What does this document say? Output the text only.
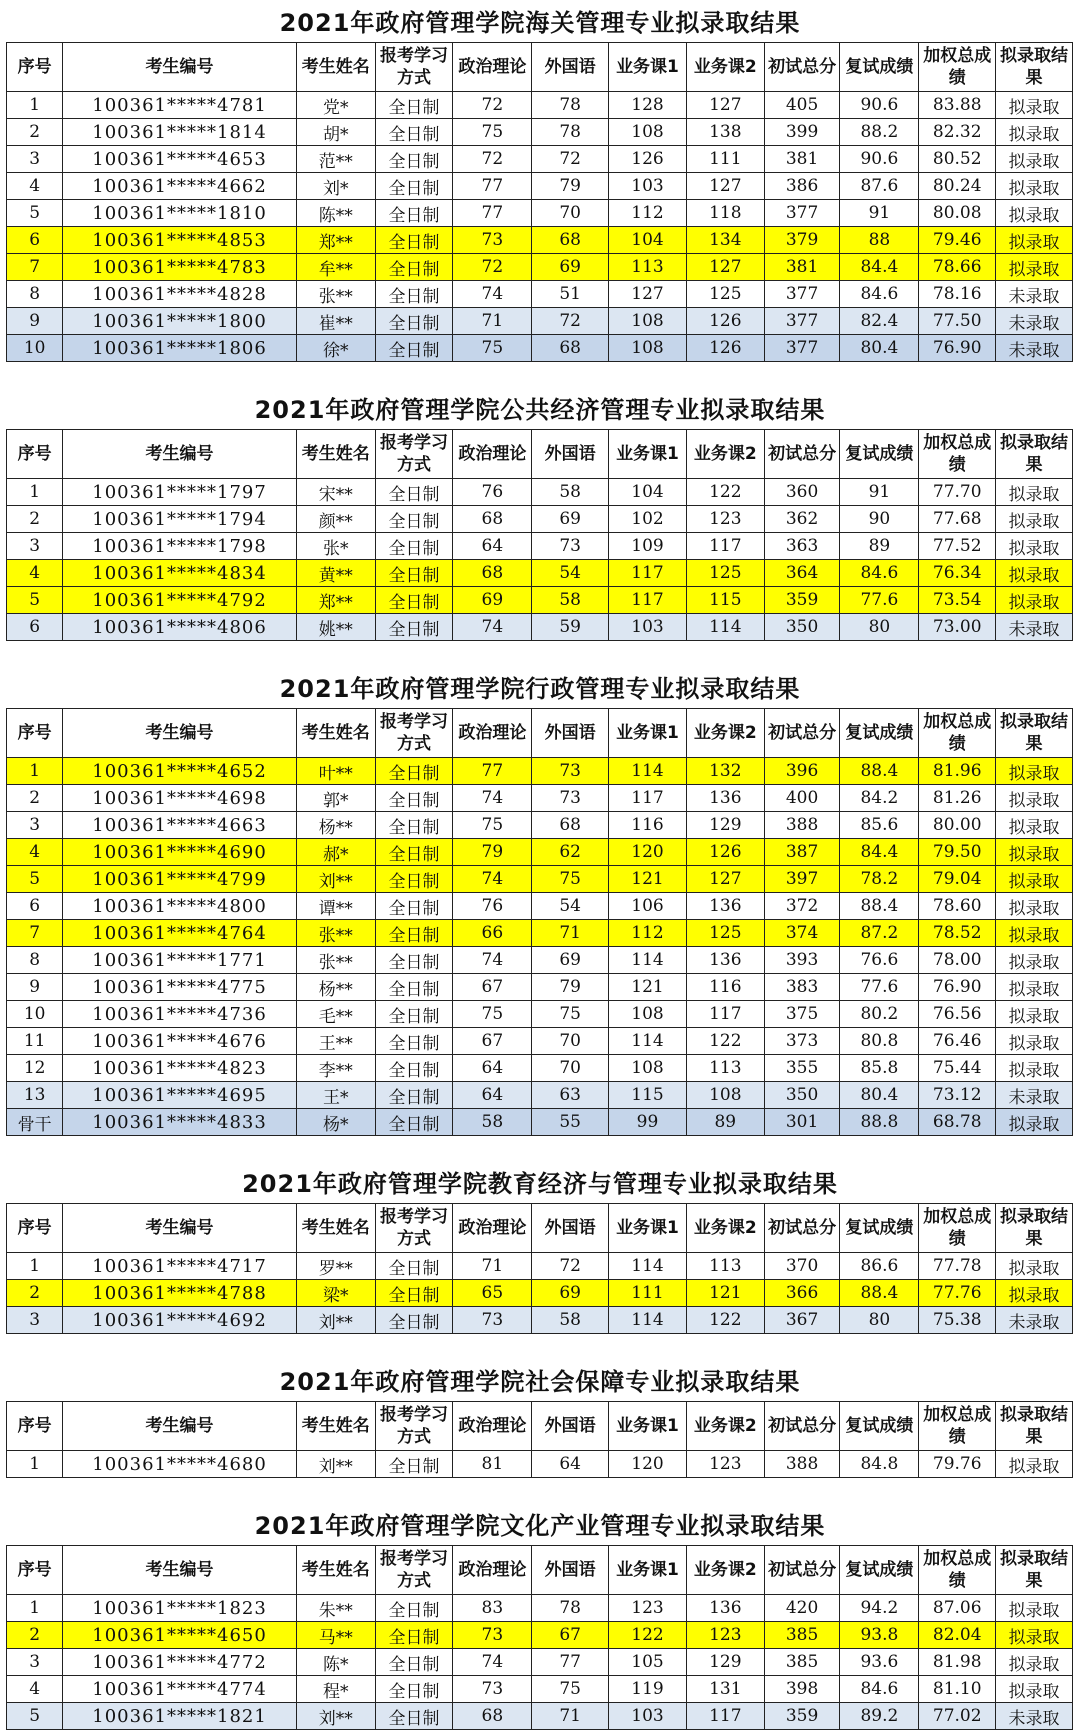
2021年政府管理学院海关管理专业拟录取结果
序号	考生编号	考生姓名	报考学习方式	政治理论	外国语	业务课1	业务课2	初试总分	复试成绩	加权总成绩	拟录取结果
1	100361*****4781	党*	全日制	72	78	128	127	405	90.6	83.88	拟录取
2	100361*****1814	胡*	全日制	75	78	108	138	399	88.2	82.32	拟录取
3	100361*****4653	范**	全日制	72	72	126	111	381	90.6	80.52	拟录取
4	100361*****4662	刘*	全日制	77	79	103	127	386	87.6	80.24	拟录取
5	100361*****1810	陈**	全日制	77	70	112	118	377	91	80.08	拟录取
6	100361*****4853	郑**	全日制	73	68	104	134	379	88	79.46	拟录取
7	100361*****4783	牟**	全日制	72	69	113	127	381	84.4	78.66	拟录取
8	100361*****4828	张**	全日制	74	51	127	125	377	84.6	78.16	未录取
9	100361*****1800	崔**	全日制	71	72	108	126	377	82.4	77.50	未录取
10	100361*****1806	徐*	全日制	75	68	108	126	377	80.4	76.90	未录取
2021年政府管理学院公共经济管理专业拟录取结果
序号	考生编号	考生姓名	报考学习方式	政治理论	外国语	业务课1	业务课2	初试总分	复试成绩	加权总成绩	拟录取结果
1	100361*****1797	宋**	全日制	76	58	104	122	360	91	77.70	拟录取
2	100361*****1794	颜**	全日制	68	69	102	123	362	90	77.68	拟录取
3	100361*****1798	张*	全日制	64	73	109	117	363	89	77.52	拟录取
4	100361*****4834	黄**	全日制	68	54	117	125	364	84.6	76.34	拟录取
5	100361*****4792	郑**	全日制	69	58	117	115	359	77.6	73.54	拟录取
6	100361*****4806	姚**	全日制	74	59	103	114	350	80	73.00	未录取
2021年政府管理学院行政管理专业拟录取结果
序号	考生编号	考生姓名	报考学习方式	政治理论	外国语	业务课1	业务课2	初试总分	复试成绩	加权总成绩	拟录取结果
1	100361*****4652	叶**	全日制	77	73	114	132	396	88.4	81.96	拟录取
2	100361*****4698	郭*	全日制	74	73	117	136	400	84.2	81.26	拟录取
3	100361*****4663	杨**	全日制	75	68	116	129	388	85.6	80.00	拟录取
4	100361*****4690	郝*	全日制	79	62	120	126	387	84.4	79.50	拟录取
5	100361*****4799	刘**	全日制	74	75	121	127	397	78.2	79.04	拟录取
6	100361*****4800	谭**	全日制	76	54	106	136	372	88.4	78.60	拟录取
7	100361*****4764	张**	全日制	66	71	112	125	374	87.2	78.52	拟录取
8	100361*****1771	张**	全日制	74	69	114	136	393	76.6	78.00	拟录取
9	100361*****4775	杨**	全日制	67	79	121	116	383	77.6	76.90	拟录取
10	100361*****4736	毛**	全日制	75	75	108	117	375	80.2	76.56	拟录取
11	100361*****4676	王**	全日制	67	70	114	122	373	80.8	76.46	拟录取
12	100361*****4823	李**	全日制	64	70	108	113	355	85.8	75.44	拟录取
13	100361*****4695	王*	全日制	64	63	115	108	350	80.4	73.12	未录取
骨干	100361*****4833	杨*	全日制	58	55	99	89	301	88.8	68.78	拟录取
2021年政府管理学院教育经济与管理专业拟录取结果
序号	考生编号	考生姓名	报考学习方式	政治理论	外国语	业务课1	业务课2	初试总分	复试成绩	加权总成绩	拟录取结果
1	100361*****4717	罗**	全日制	71	72	114	113	370	86.6	77.78	拟录取
2	100361*****4788	梁*	全日制	65	69	111	121	366	88.4	77.76	拟录取
3	100361*****4692	刘**	全日制	73	58	114	122	367	80	75.38	未录取
2021年政府管理学院社会保障专业拟录取结果
序号	考生编号	考生姓名	报考学习方式	政治理论	外国语	业务课1	业务课2	初试总分	复试成绩	加权总成绩	拟录取结果
1	100361*****4680	刘**	全日制	81	64	120	123	388	84.8	79.76	拟录取
2021年政府管理学院文化产业管理专业拟录取结果
序号	考生编号	考生姓名	报考学习方式	政治理论	外国语	业务课1	业务课2	初试总分	复试成绩	加权总成绩	拟录取结果
1	100361*****1823	朱**	全日制	83	78	123	136	420	94.2	87.06	拟录取
2	100361*****4650	马**	全日制	73	67	122	123	385	93.8	82.04	拟录取
3	100361*****4772	陈*	全日制	74	77	105	129	385	93.6	81.98	拟录取
4	100361*****4774	程*	全日制	73	75	119	131	398	84.6	81.10	拟录取
5	100361*****1821	刘**	全日制	68	71	103	117	359	89.2	77.02	未录取
